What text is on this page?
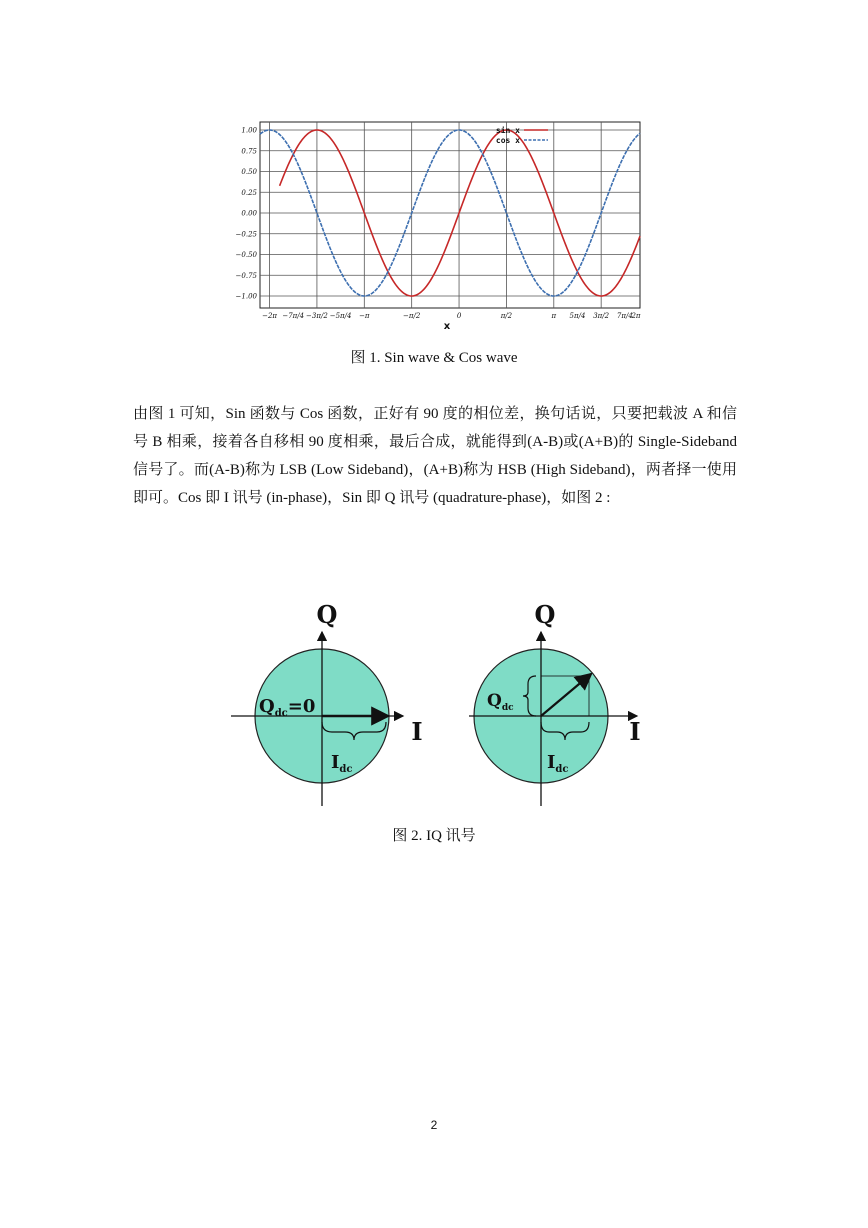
1.00
0.75
0.50
0.25
0.00
−0.25
−0.50
−0.75
−1.00
−2π −7π/4 −3π/2 −5π/4 −π	−π/2	0	π/2	π 5π/4 3π/2 7π/4
2π
sin x
cos x
x
图 1. Sin wave & Cos wave

由图 1 可知，Sin 函数与 Cos 函数，正好有 90 度的相位差，换句话说，只要把载波 A 和信号 B 相乘，接着各自移相 90 度相乘，最后合成，就能得到(A-B)或(A+B)的 Single-Sideband 信号了。而(A-B)称为 LSB (Low Sideband)，(A+B)称为 HSB (High Sideband)，两者择一使用即可。Cos 即 I 讯号 (in-phase)，Sin 即 Q 讯号 (quadrature-phase)，如图 2 :

Q
I
$Q_{dc}=0$
$I_{dc}$
Q
I
$Q_{dc}$
$I_{dc}$
图 2. IQ 讯号
2
